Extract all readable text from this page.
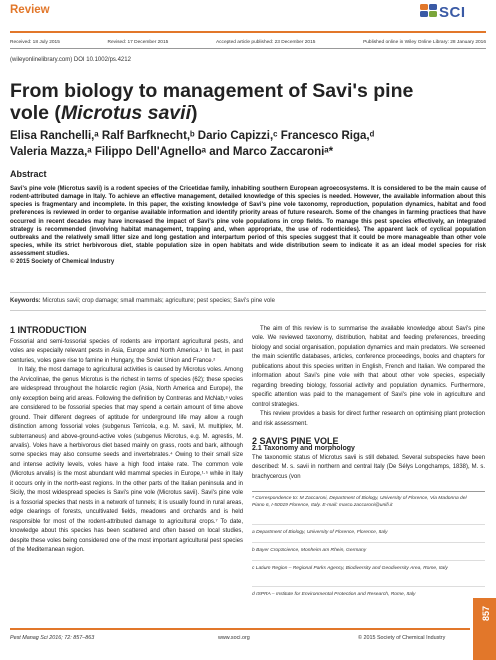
Review	SCI
Received: 18 July 2015	Revised: 17 December 2015	Accepted article published: 23 December 2015	Published online in Wiley Online Library: 28 January 2016
(wileyonlinelibrary.com) DOI 10.1002/ps.4212
From biology to management of Savi's pine vole (Microtus savii)
Elisa Ranchelli,ᵃ Ralf Barfknecht,ᵇ Dario Capizzi,ᶜ Francesco Riga,ᵈ
Valeria Mazza,ᵃ Filippo Dell'Agnelloᵃ and Marco Zaccaroniᵃ*
Abstract
Savi's pine vole (Microtus savii) is a rodent species of the Cricetidae family, inhabiting southern European agroecosystems. It is considered to be the main cause of rodent-attributed damage in Italy. To achieve an effective management, detailed knowledge of this species is needed. However, the available information about this species is fragmentary and incomplete. In this paper, the existing knowledge of Savi's pine vole taxonomy, reproduction, population dynamics, habitat and food preferences is reviewed in order to organise available information and identify priority areas of future research. Some of the changes in farming practices that have occurred in recent decades may have increased the impact of Savi's pine vole populations in crop fields. To manage this pest species effectively, an integrated strategy is recommended (involving habitat management, trapping and, when appropriate, the use of rodenticides). The apparent lack of cyclical population outbreaks and the relatively small litter size and long gestation and interpartum period of this species suggest that it could be more manageable than other vole species, while its strict herbivorous diet, stable population size in open habitats and wide distribution seem to indicate it as an ideal model species for risk assessment studies.
© 2015 Society of Chemical Industry
Keywords: Microtus savii; crop damage; small mammals; agriculture; pest species; Savi's pine vole
1 INTRODUCTION

Fossorial and semi-fossorial species of rodents are important agricultural pests, and voles are especially relevant pests in Asia, Europe and North America.¹ In fact, in past centuries, voles gave rise to famine in Hungary, the Soviet Union and France.²

In Italy, the most damage to agricultural activities is caused by Microtus voles. Among the Arvicolinae, the genus Microtus is the richest in terms of species (62); these species are widespread throughout the holarctic region (Asia, North America and Europe), the only exception being arid areas. Following the definition by Contreras and McNab,³ voles are considered to be fossorial species that may spend a certain amount of time above ground. Their different degrees of aptitude for underground life may allow a rough distinction among fossorial voles (subgenus Terricola, e.g. M. savii, M. multiplex, M. subterraneus) and above-ground-active voles (subgenus Microtus, e.g. M. agrestis, M. arvalis). Voles have a herbivorous diet based mainly on grass, roots and bark, although some species may also consume seeds and invertebrates.⁴ Owing to their small size and intense activity levels, voles have a high food intake rate. The common vole (Microtus arvalis) is the most abundant wild mammal species in Europe,¹·⁵ while in Italy it occurs only in the north-east regions. In the other parts of the Italian peninsula and in Sicily, the most widespread species is Savi's pine vole (Microtus savii). Savi's pine vole is a fossorial species that nests in a network of tunnels; it is usually found in rural areas, edge clearings of forests, uncultivated fields, meadows and orchards and is held responsible for most of the rodent-attributed damage to agricultural crops.⁷ To date, knowledge about this species has been scattered and often based on local studies, despite these voles being considered one of the most important agricultural pest species of the Mediterranean region.

The aim of this review is to summarise the available knowledge about Savi's pine vole. We reviewed taxonomy, distribution, habitat and feeding preferences, breeding biology and social organisation, population dynamics and main predators. We screened the main scientific databases, articles, conference proceedings, books and chapters for publications about this species written in English, French and Italian. We compared the information about Savi's pine vole with that about other vole species, especially regarding breeding biology, fossorial activity and population dynamics. Furthermore, specific attention was paid to the management of Savi's pine vole in agriculture and control strategies.

This review provides a basis for direct further research on optimising plant protection and risk assessment.

2 SAVI'S PINE VOLE
2.1 Taxonomy and morphology

The taxonomic status of Microtus savii is still debated. Several subspecies have been described: M. s. savii in northern and central Italy (De Sélys Longchamps, 1838), M. s. brachycercus (von

* Correspondence to: M Zaccaroni, Department of Biology, University of Florence, Via Madonna del Piano 6, I-50019 Florence, Italy. E-mail: marco.zaccaroni@unifi.it
a Department of Biology, University of Florence, Florence, Italy
b Bayer CropScience, Monheim am Rhein, Germany
c Latium Region – Regional Parks Agency, Biodiversity and Geodiversity Area, Rome, Italy
d ISPRA – Institute for Environmental Protection and Research, Rome, Italy
857
Pest Manag Sci 2016; 72: 857–863	www.soci.org	© 2015 Society of Chemical Industry
